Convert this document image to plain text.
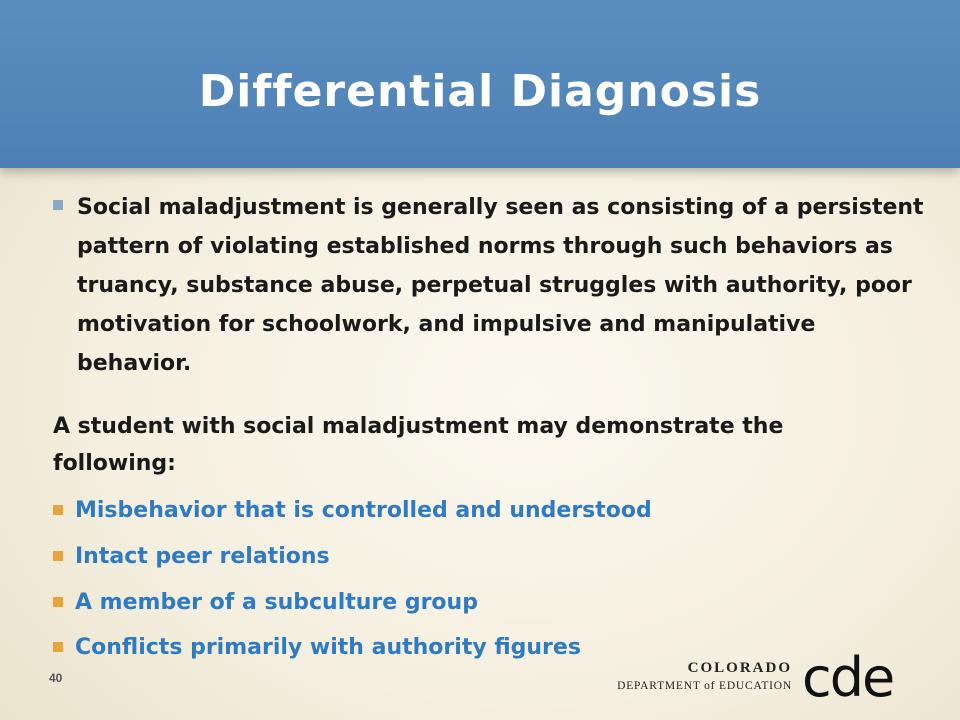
Differential Diagnosis
Social maladjustment is generally seen as consisting of a persistent pattern of violating established norms through such behaviors as truancy, substance abuse, perpetual struggles with authority, poor motivation for schoolwork, and impulsive and manipulative behavior.
A student with social maladjustment may demonstrate the following:
Misbehavior that is controlled and understood
Intact peer relations
A member of a subculture group
Conflicts primarily with authority figures
40
COLORADO
DEPARTMENT of EDUCATION cde
